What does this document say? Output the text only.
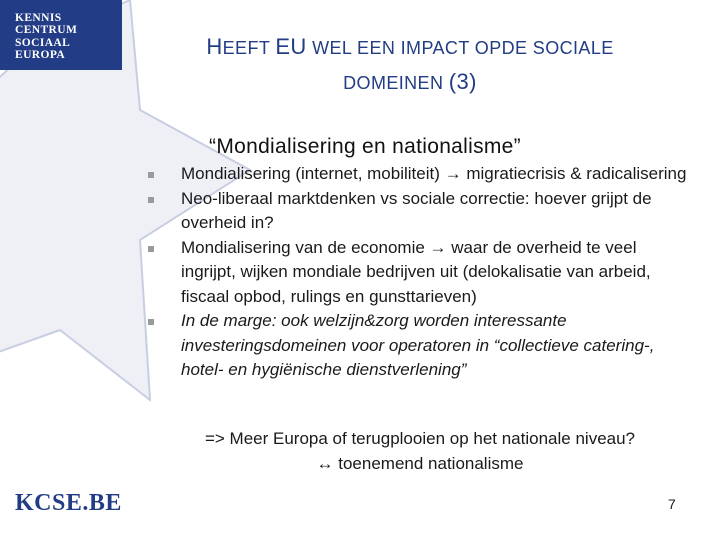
KENNIS
CENTRUM
SOCIAAL
EUROPA	HEEFT EU WEL EEN IMPACT OPDE SOCIALE
DOMEINEN (3)
“Mondialisering en nationalisme”
Mondialisering (internet, mobiliteit) → migratiecrisis & radicalisering
Neo-liberaal marktdenken vs sociale correctie: hoever grijpt de overheid in?
Mondialisering van de economie → waar de overheid te veel ingrijpt, wijken mondiale bedrijven uit (delokalisatie van arbeid, fiscaal opbod, rulings en gunsttarieven)
In de marge: ook welzijn&zorg worden interessante investeringsdomeinen voor operatoren in “collectieve catering-, hotel- en hygiënische dienstverlening”
=> Meer Europa of terugplooien op het nationale niveau?
↔ toenemend nationalisme
KCSE.BE	7
